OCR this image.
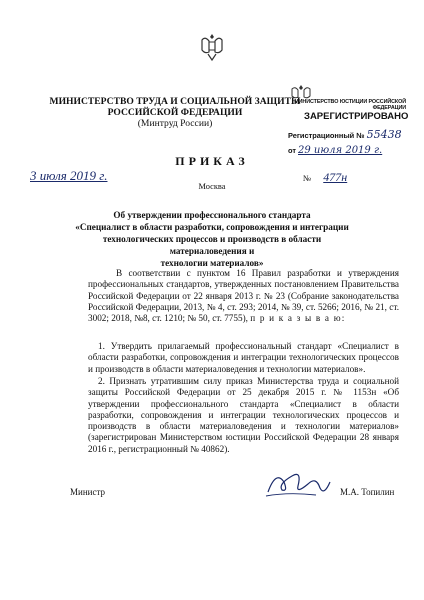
МИНИСТЕРСТВО ТРУДА И СОЦИАЛЬНОЙ ЗАЩИТЫ
РОССИЙСКОЙ ФЕДЕРАЦИИ
(Минтруд России)
МИНИСТЕРСТВО ЮСТИЦИИ РОССИЙСКОЙ ФЕДЕРАЦИИ
ЗАРЕГИСТРИРОВАНО
Регистрационный № 55438
от 29 июля 2019 г.
ПРИКАЗ
3 июля 2019 г.	№ 477н
Москва
Об утверждении профессионального стандарта
«Специалист в области разработки, сопровождения и интеграции
технологических процессов и производств в области материаловедения и
технологии материалов»
В соответствии с пунктом 16 Правил разработки и утверждения профессиональных стандартов, утвержденных постановлением Правительства Российской Федерации от 22 января 2013 г. № 23 (Собрание законодательства Российской Федерации, 2013, № 4, ст. 293; 2014, № 39, ст. 5266; 2016, № 21, ст. 3002; 2018, №8, ст. 1210; № 50, ст. 7755), п р и к а з ы в а ю:
1. Утвердить прилагаемый профессиональный стандарт «Специалист в области разработки, сопровождения и интеграции технологических процессов и производств в области материаловедения и технологии материалов».
2. Признать утратившим силу приказ Министерства труда и социальной защиты Российской Федерации от 25 декабря 2015 г. № 1153н «Об утверждении профессионального стандарта «Специалист в области разработки, сопровождения и интеграции технологических процессов и производств в области материаловедения и технологии материалов» (зарегистрирован Министерством юстиции Российской Федерации 28 января 2016 г., регистрационный № 40862).
Министр	М.А. Топилин
